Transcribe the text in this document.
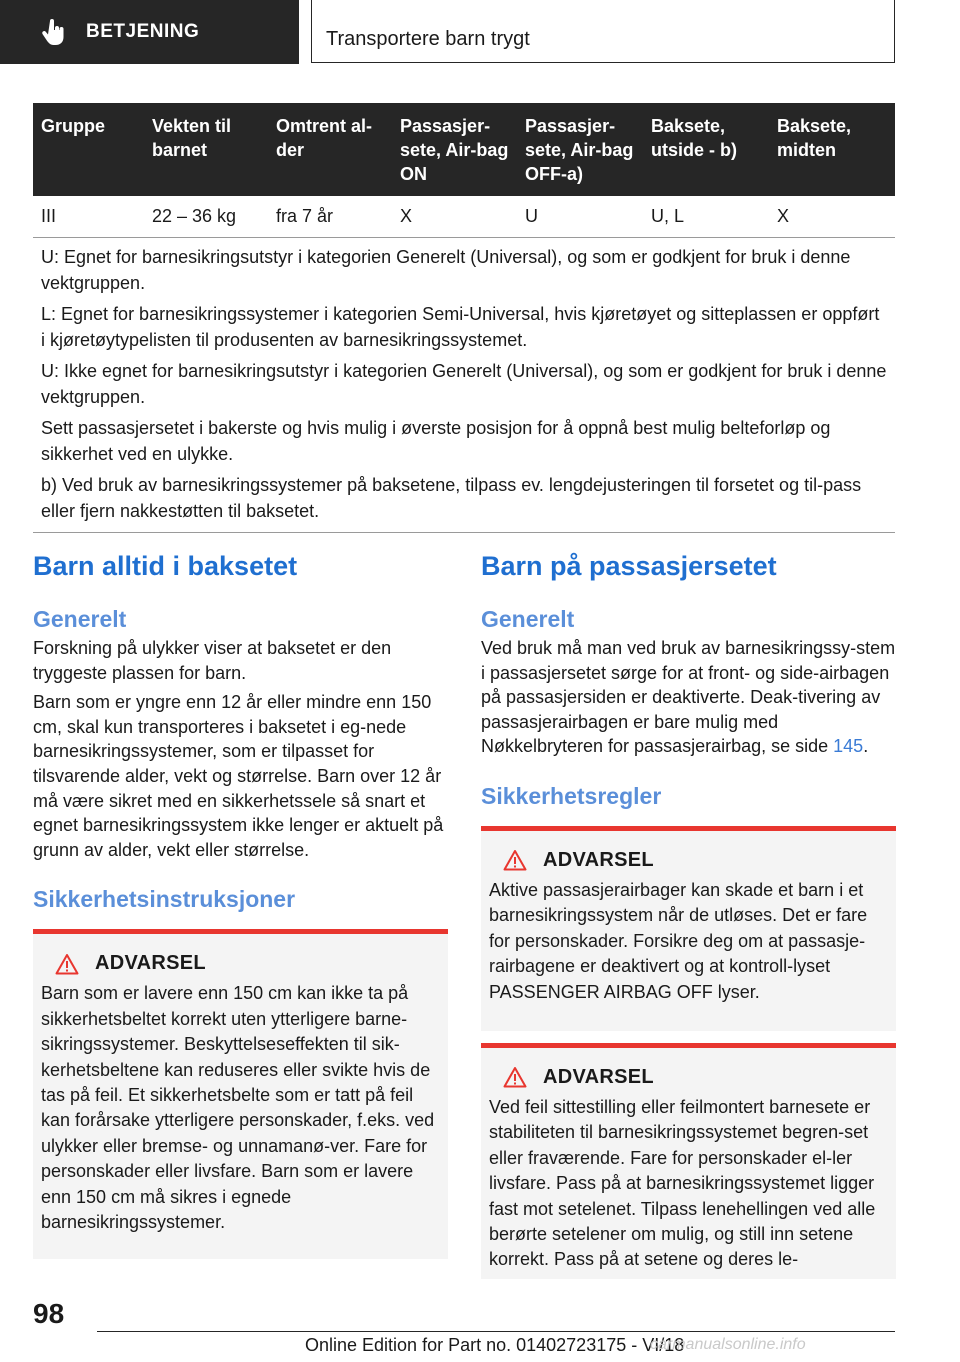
BETJENING	Transportere barn trygt
Gruppe	Vekten til barnet	Omtrent al-der	Passasjer-sete, Air-bag ON	Passasjer-sete, Air-bag OFF-a)	Baksete, utside - b)	Baksete, midten
III	22 – 36 kg	fra 7 år	X	U	U, L	X

U: Egnet for barnesikringsutstyr i kategorien Generelt (Universal), og som er godkjent for bruk i denne vektgruppen.

L: Egnet for barnesikringssystemer i kategorien Semi-Universal, hvis kjøretøyet og sitteplassen er oppført i kjøretøytypelisten til produsenten av barnesikringssystemet.

U: Ikke egnet for barnesikringsutstyr i kategorien Generelt (Universal), og som er godkjent for bruk i denne vektgruppen.

Sett passasjersetet i bakerste og hvis mulig i øverste posisjon for å oppnå best mulig belteforløp og sikkerhet ved en ulykke.

b) Ved bruk av barnesikringssystemer på baksetene, tilpass ev. lengdejusteringen til forsetet og til-pass eller fjern nakkestøtten til baksetet.						

Barn alltid i baksetet
Generelt

Forskning på ulykker viser at baksetet er den tryggeste plassen for barn.

Barn som er yngre enn 12 år eller mindre enn 150 cm, skal kun transporteres i baksetet i eg-nede barnesikringssystemer, som er tilpasset for tilsvarende alder, vekt og størrelse. Barn over 12 år må være sikret med en sikkerhetssele så snart et egnet barnesikringssystem ikke lenger er aktuelt på grunn av alder, vekt eller størrelse.

Sikkerhetsinstruksjoner
ADVARSEL

Barn som er lavere enn 150 cm kan ikke ta på sikkerhetsbeltet korrekt uten ytterligere barne-sikringssystemer. Beskyttelseseffekten til sik-kerhetsbeltene kan reduseres eller svikte hvis de tas på feil. Et sikkerhetsbelte som er tatt på feil kan forårsake ytterligere personskader, f.eks. ved ulykker eller bremse- og unnamanø-ver. Fare for personskader eller livsfare. Barn som er lavere enn 150 cm må sikres i egnede barnesikringssystemer.

Barn på passasjersetet
Generelt

Ved bruk må man ved bruk av barnesikringssy-stem i passasjersetet sørge for at front- og side-airbagen på passasjersiden er deaktiverte. Deak-tivering av passasjerairbagen er bare mulig med Nøkkelbryteren for passasjerairbag, se side 145.

Sikkerhetsregler
ADVARSEL

Aktive passasjerairbager kan skade et barn i et barnesikringssystem når de utløses. Det er fare for personskader. Forsikre deg om at passasje-rairbagene er deaktivert og at kontroll-lyset PASSENGER AIRBAG OFF lyser.

ADVARSEL

Ved feil sittestilling eller feilmontert barnesete er stabiliteten til barnesikringssystemet begren-set eller fraværende. Fare for personskader el-ler livsfare. Pass på at barnesikringssystemet ligger fast mot setelenet. Tilpass lenehellingen ved alle berørte setelener om mulig, og still inn setene korrekt. Pass på at setene og deres le-

98
Online Edition for Part no. 01402723175 - VI/18
carmanualsonline.info
